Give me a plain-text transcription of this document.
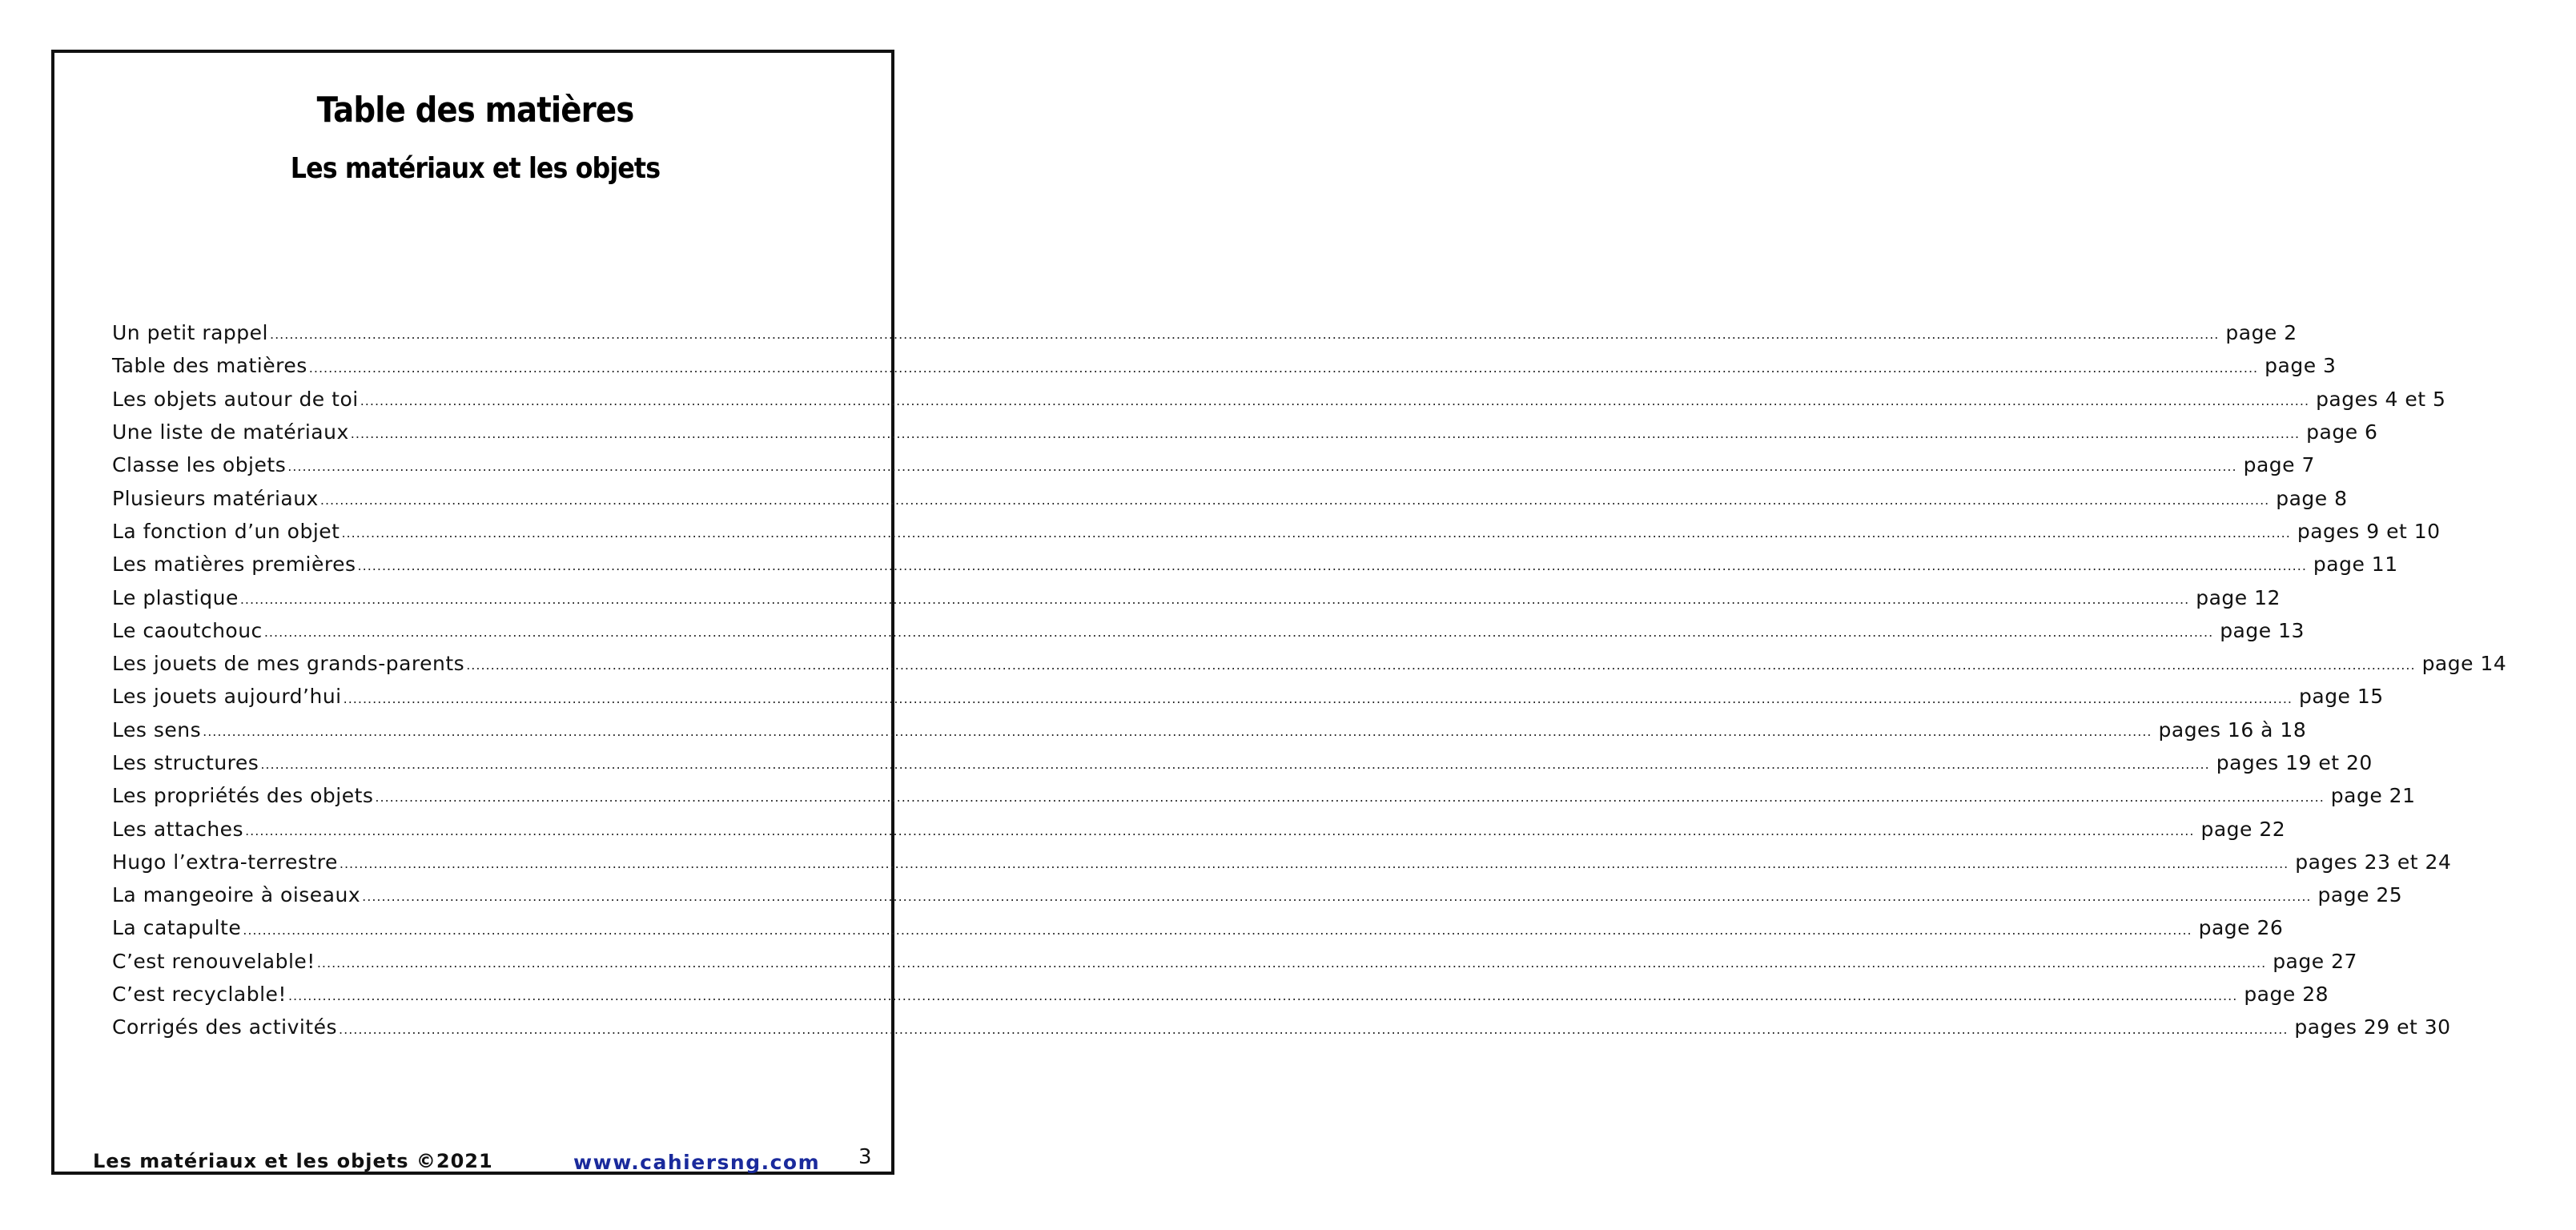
Table des matières
Les matériaux et les objets
Un petit rappel ................................................................................................................................................................................................................................................................................................................................................................................................................ page 2
Table des matières ................................................................................................................................................................................................................................................................................................................................................................................................................ page 3
Les objets autour de toi ................................................................................................................................................................................................................................................................................................................................................................................................................ pages 4 et 5
Une liste de matériaux ................................................................................................................................................................................................................................................................................................................................................................................................................ page 6
Classe les objets ................................................................................................................................................................................................................................................................................................................................................................................................................ page 7
Plusieurs matériaux ................................................................................................................................................................................................................................................................................................................................................................................................................ page 8
La fonction d’un objet ................................................................................................................................................................................................................................................................................................................................................................................................................ pages 9 et 10
Les matières premières ................................................................................................................................................................................................................................................................................................................................................................................................................ page 11
Le plastique ................................................................................................................................................................................................................................................................................................................................................................................................................ page 12
Le caoutchouc ................................................................................................................................................................................................................................................................................................................................................................................................................ page 13
Les jouets de mes grands-parents ................................................................................................................................................................................................................................................................................................................................................................................................................ page 14
Les jouets aujourd’hui ................................................................................................................................................................................................................................................................................................................................................................................................................ page 15
Les sens ................................................................................................................................................................................................................................................................................................................................................................................................................ pages 16 à 18
Les structures ................................................................................................................................................................................................................................................................................................................................................................................................................ pages 19 et 20
Les propriétés des objets ................................................................................................................................................................................................................................................................................................................................................................................................................ page 21
Les attaches ................................................................................................................................................................................................................................................................................................................................................................................................................ page 22
Hugo l’extra-terrestre ................................................................................................................................................................................................................................................................................................................................................................................................................ pages 23 et 24
La mangeoire à oiseaux ................................................................................................................................................................................................................................................................................................................................................................................................................ page 25
La catapulte ................................................................................................................................................................................................................................................................................................................................................................................................................ page 26
C’est renouvelable! ................................................................................................................................................................................................................................................................................................................................................................................................................ page 27
C’est recyclable! ................................................................................................................................................................................................................................................................................................................................................................................................................ page 28
Corrigés des activités ................................................................................................................................................................................................................................................................................................................................................................................................................ pages 29 et 30
Les matériaux et les objets ©2021	www.cahiersng.com 3
